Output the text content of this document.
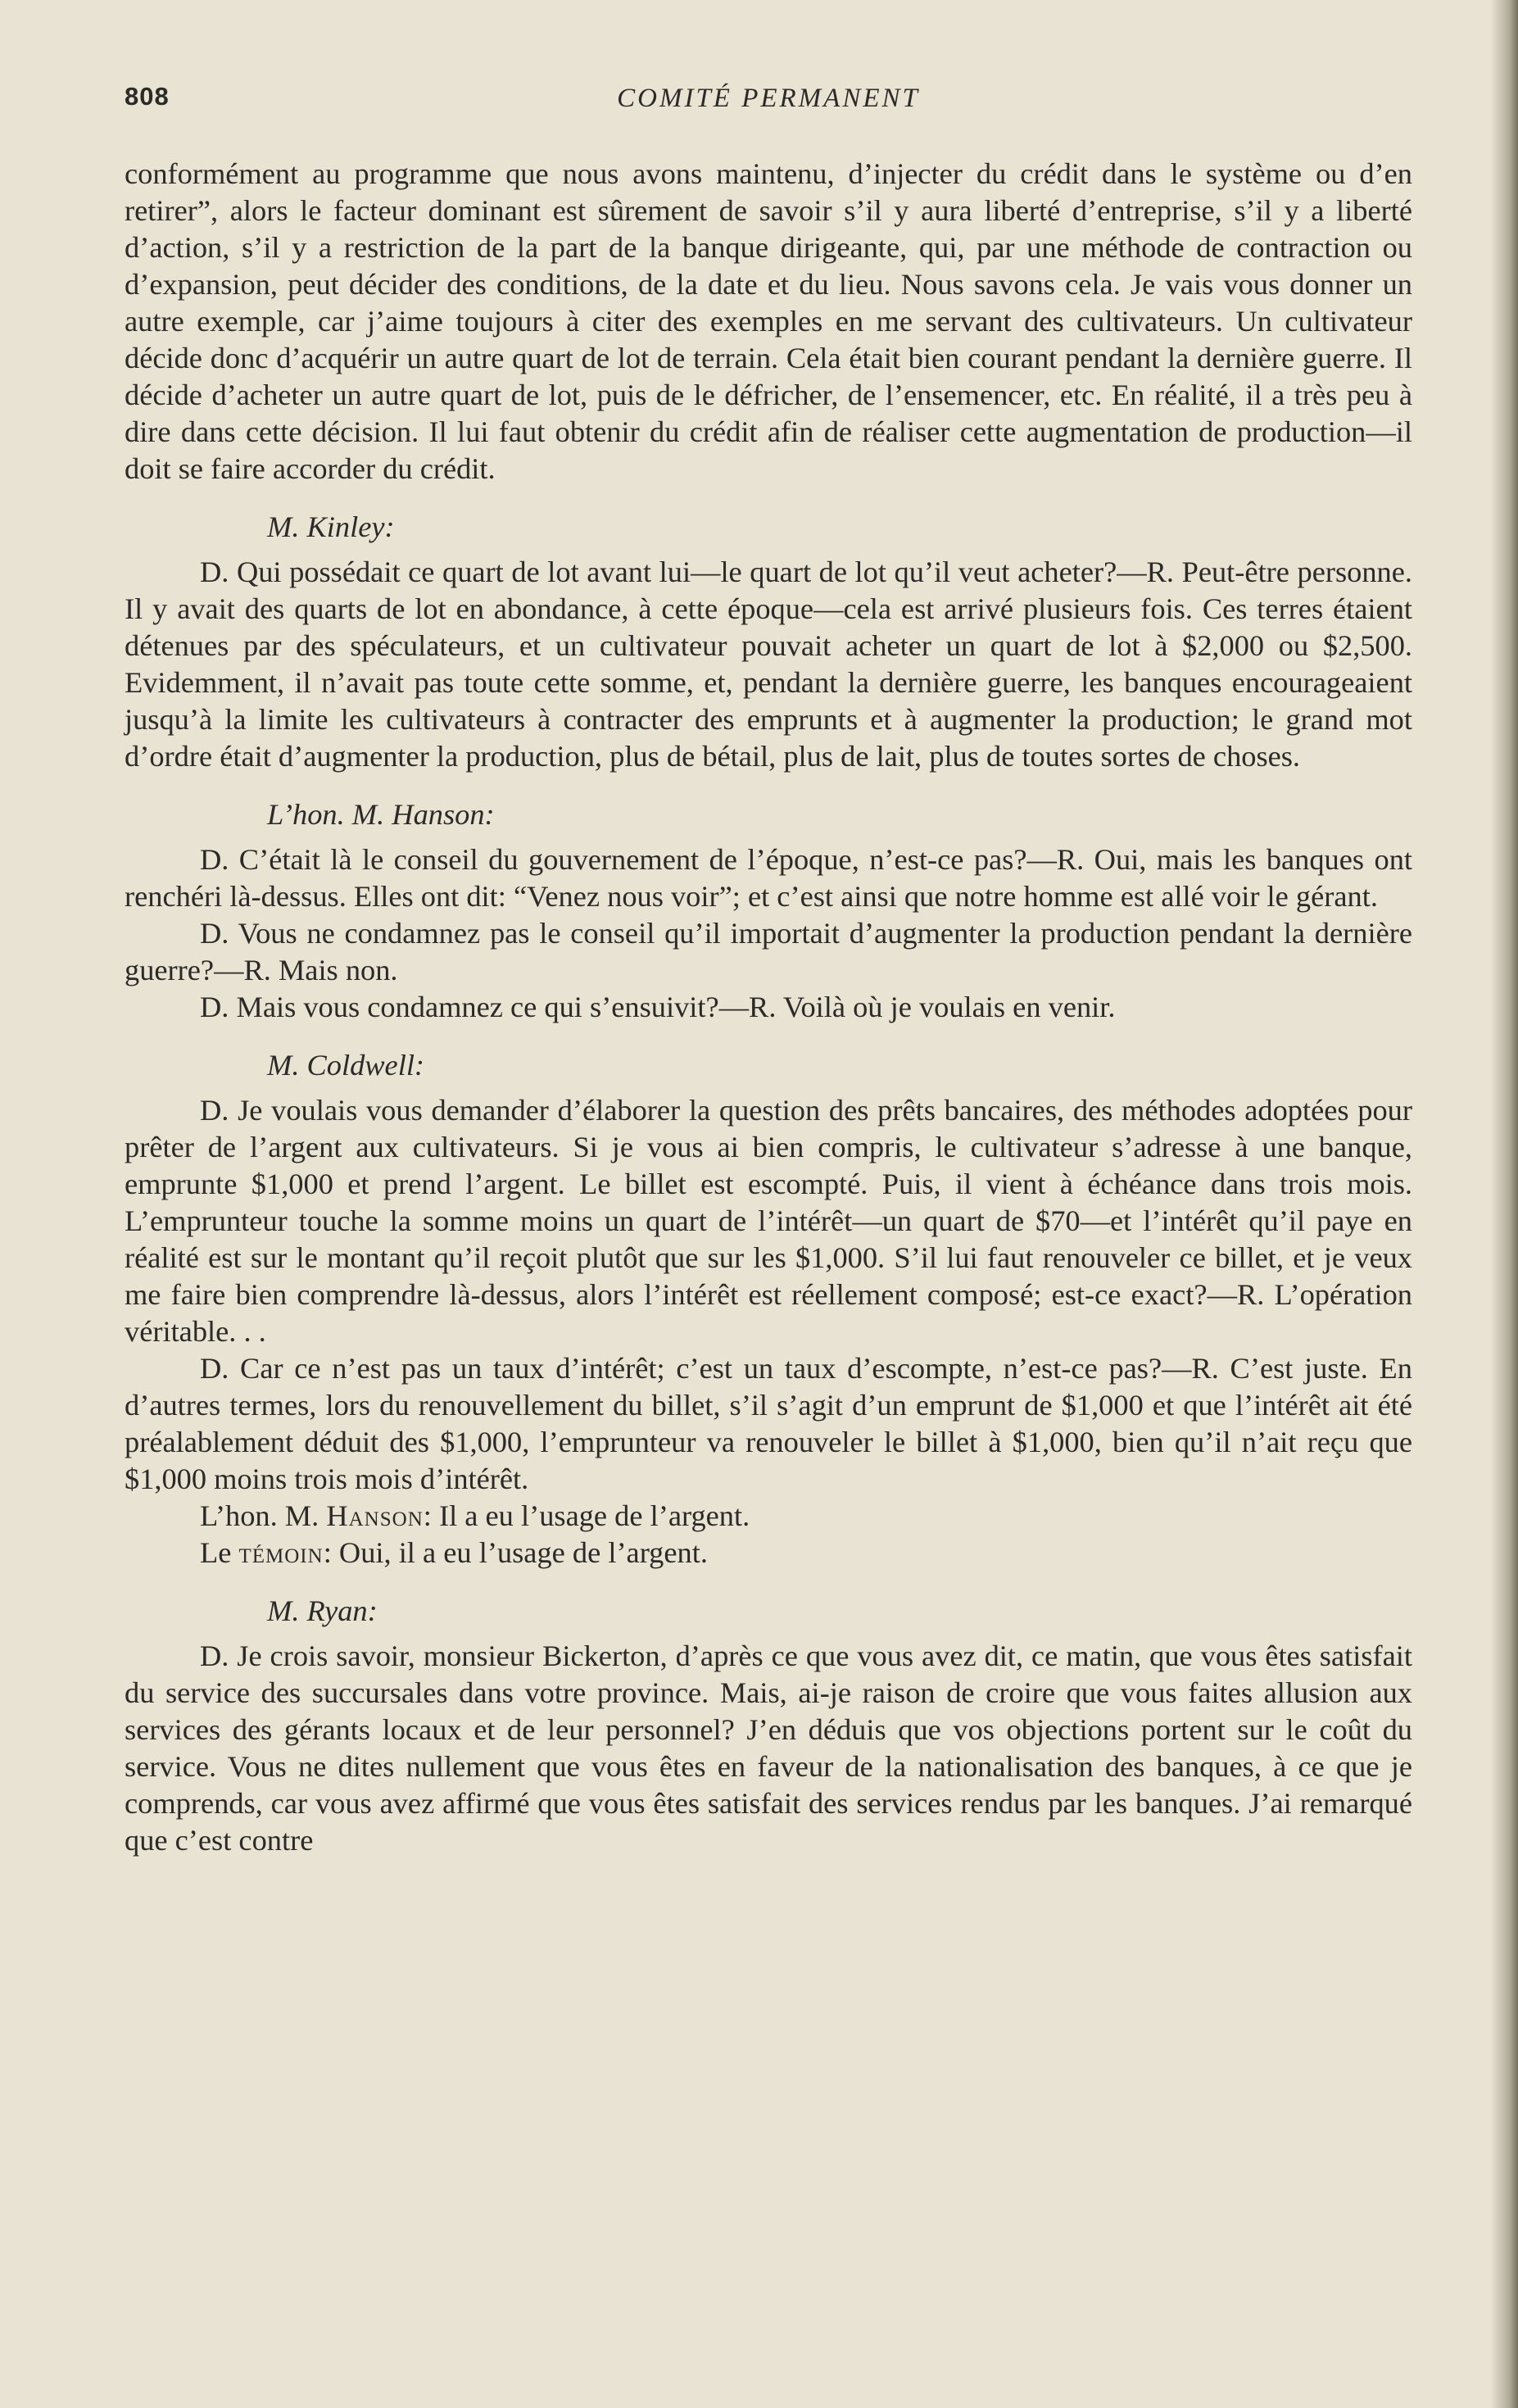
808	COMITÉ PERMANENT

conformément au programme que nous avons maintenu, d’injecter du crédit dans le système ou d’en retirer”, alors le facteur dominant est sûrement de savoir s’il y aura liberté d’entreprise, s’il y a liberté d’action, s’il y a restriction de la part de la banque dirigeante, qui, par une méthode de contraction ou d’expansion, peut décider des conditions, de la date et du lieu. Nous savons cela. Je vais vous donner un autre exemple, car j’aime toujours à citer des exemples en me servant des cultivateurs. Un cultivateur décide donc d’acquérir un autre quart de lot de terrain. Cela était bien courant pendant la dernière guerre. Il décide d’acheter un autre quart de lot, puis de le défricher, de l’ensemencer, etc. En réalité, il a très peu à dire dans cette décision. Il lui faut obtenir du crédit afin de réaliser cette augmentation de production—il doit se faire accorder du crédit.

M. Kinley:

D. Qui possédait ce quart de lot avant lui—le quart de lot qu’il veut acheter?—R. Peut-être personne. Il y avait des quarts de lot en abondance, à cette époque—cela est arrivé plusieurs fois. Ces terres étaient détenues par des spéculateurs, et un cultivateur pouvait acheter un quart de lot à $2,000 ou $2,500. Evidemment, il n’avait pas toute cette somme, et, pendant la dernière guerre, les banques encourageaient jusqu’à la limite les cultivateurs à contracter des emprunts et à augmenter la production; le grand mot d’ordre était d’augmenter la production, plus de bétail, plus de lait, plus de toutes sortes de choses.

L’hon. M. Hanson:

D. C’était là le conseil du gouvernement de l’époque, n’est-ce pas?—R. Oui, mais les banques ont renchéri là-dessus. Elles ont dit: “Venez nous voir”; et c’est ainsi que notre homme est allé voir le gérant.

D. Vous ne condamnez pas le conseil qu’il importait d’augmenter la production pendant la dernière guerre?—R. Mais non.

D. Mais vous condamnez ce qui s’ensuivit?—R. Voilà où je voulais en venir.

M. Coldwell:

D. Je voulais vous demander d’élaborer la question des prêts bancaires, des méthodes adoptées pour prêter de l’argent aux cultivateurs. Si je vous ai bien compris, le cultivateur s’adresse à une banque, emprunte $1,000 et prend l’argent. Le billet est escompté. Puis, il vient à échéance dans trois mois. L’emprunteur touche la somme moins un quart de l’intérêt—un quart de $70—et l’intérêt qu’il paye en réalité est sur le montant qu’il reçoit plutôt que sur les $1,000. S’il lui faut renouveler ce billet, et je veux me faire bien comprendre là-dessus, alors l’intérêt est réellement composé; est-ce exact?—R. L’opération véritable. . .

D. Car ce n’est pas un taux d’intérêt; c’est un taux d’escompte, n’est-ce pas?—R. C’est juste. En d’autres termes, lors du renouvellement du billet, s’il s’agit d’un emprunt de $1,000 et que l’intérêt ait été préalablement déduit des $1,000, l’emprunteur va renouveler le billet à $1,000, bien qu’il n’ait reçu que $1,000 moins trois mois d’intérêt.

L’hon. M. Hanson: Il a eu l’usage de l’argent.

Le témoin: Oui, il a eu l’usage de l’argent.

M. Ryan:

D. Je crois savoir, monsieur Bickerton, d’après ce que vous avez dit, ce matin, que vous êtes satisfait du service des succursales dans votre province. Mais, ai-je raison de croire que vous faites allusion aux services des gérants locaux et de leur personnel? J’en déduis que vos objections portent sur le coût du service. Vous ne dites nullement que vous êtes en faveur de la nationalisation des banques, à ce que je comprends, car vous avez affirmé que vous êtes satisfait des services rendus par les banques. J’ai remarqué que c’est contre
